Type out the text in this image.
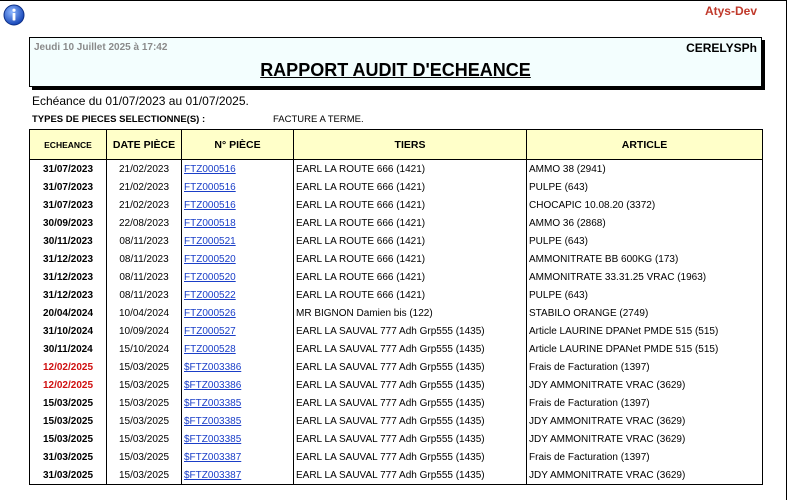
Atys-Dev
Jeudi 10 Juillet 2025 à 17:42	CERELYSPh
RAPPORT AUDIT D'ECHEANCE
Echéance du 01/07/2023 au 01/07/2025.
TYPES DE PIECES SELECTIONNE(S) :	FACTURE A TERME.
ECHEANCE	DATE PIÈCE	N° PIÈCE	TIERS	ARTICLE
31/07/2023	21/02/2023	FTZ000516	EARL LA ROUTE 666 (1421)	AMMO 38 (2941)
31/07/2023	21/02/2023	FTZ000516	EARL LA ROUTE 666 (1421)	PULPE (643)
31/07/2023	21/02/2023	FTZ000516	EARL LA ROUTE 666 (1421)	CHOCAPIC 10.08.20 (3372)
30/09/2023	22/08/2023	FTZ000518	EARL LA ROUTE 666 (1421)	AMMO 36 (2868)
30/11/2023	08/11/2023	FTZ000521	EARL LA ROUTE 666 (1421)	PULPE (643)
31/12/2023	08/11/2023	FTZ000520	EARL LA ROUTE 666 (1421)	AMMONITRATE BB 600KG (173)
31/12/2023	08/11/2023	FTZ000520	EARL LA ROUTE 666 (1421)	AMMONITRATE 33.31.25 VRAC (1963)
31/12/2023	08/11/2023	FTZ000522	EARL LA ROUTE 666 (1421)	PULPE (643)
20/04/2024	10/04/2024	FTZ000526	MR BIGNON Damien bis (122)	STABILO ORANGE (2749)
31/10/2024	10/09/2024	FTZ000527	EARL LA SAUVAL 777 Adh Grp555 (1435)	Article LAURINE DPANet PMDE 515 (515)
30/11/2024	15/10/2024	FTZ000528	EARL LA SAUVAL 777 Adh Grp555 (1435)	Article LAURINE DPANet PMDE 515 (515)
12/02/2025	15/03/2025	$FTZ003386	EARL LA SAUVAL 777 Adh Grp555 (1435)	Frais de Facturation (1397)
12/02/2025	15/03/2025	$FTZ003386	EARL LA SAUVAL 777 Adh Grp555 (1435)	JDY AMMONITRATE VRAC (3629)
15/03/2025	15/03/2025	$FTZ003385	EARL LA SAUVAL 777 Adh Grp555 (1435)	Frais de Facturation (1397)
15/03/2025	15/03/2025	$FTZ003385	EARL LA SAUVAL 777 Adh Grp555 (1435)	JDY AMMONITRATE VRAC (3629)
15/03/2025	15/03/2025	$FTZ003385	EARL LA SAUVAL 777 Adh Grp555 (1435)	JDY AMMONITRATE VRAC (3629)
31/03/2025	15/03/2025	$FTZ003387	EARL LA SAUVAL 777 Adh Grp555 (1435)	Frais de Facturation (1397)
31/03/2025	15/03/2025	$FTZ003387	EARL LA SAUVAL 777 Adh Grp555 (1435)	JDY AMMONITRATE VRAC (3629)
